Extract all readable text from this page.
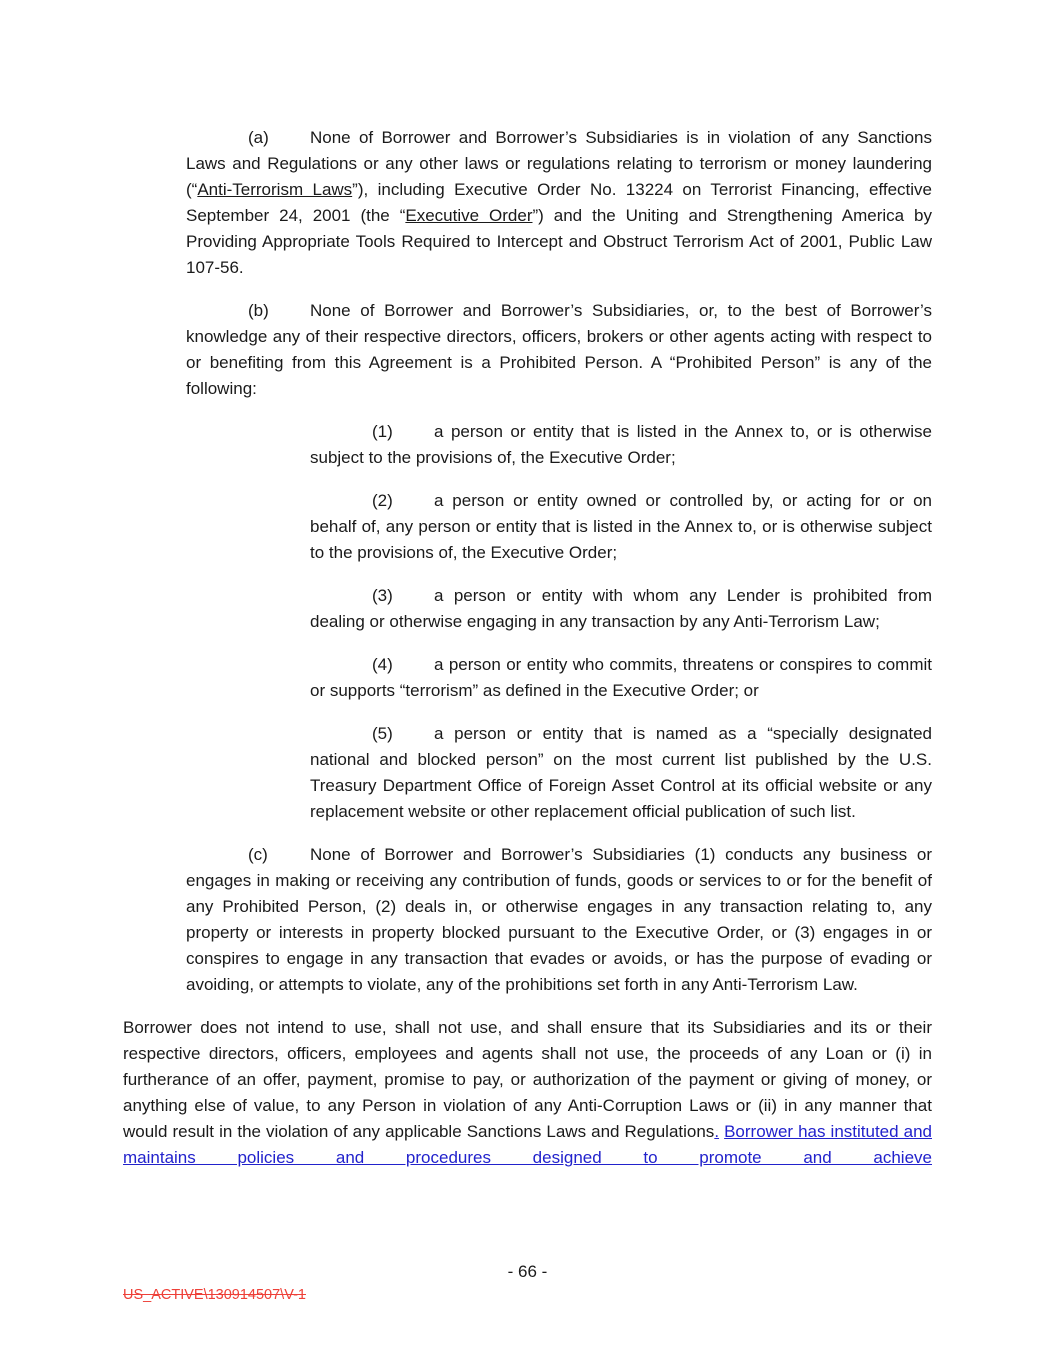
(a) None of Borrower and Borrower’s Subsidiaries is in violation of any Sanctions Laws and Regulations or any other laws or regulations relating to terrorism or money laundering (“Anti-Terrorism Laws”), including Executive Order No. 13224 on Terrorist Financing, effective September 24, 2001 (the “Executive Order”) and the Uniting and Strengthening America by Providing Appropriate Tools Required to Intercept and Obstruct Terrorism Act of 2001, Public Law 107-56.

(b) None of Borrower and Borrower’s Subsidiaries, or, to the best of Borrower’s knowledge any of their respective directors, officers, brokers or other agents acting with respect to or benefiting from this Agreement is a Prohibited Person. A “Prohibited Person” is any of the following:

(1) a person or entity that is listed in the Annex to, or is otherwise subject to the provisions of, the Executive Order;

(2) a person or entity owned or controlled by, or acting for or on behalf of, any person or entity that is listed in the Annex to, or is otherwise subject to the provisions of, the Executive Order;

(3) a person or entity with whom any Lender is prohibited from dealing or otherwise engaging in any transaction by any Anti-Terrorism Law;

(4) a person or entity who commits, threatens or conspires to commit or supports “terrorism” as defined in the Executive Order; or

(5) a person or entity that is named as a “specially designated national and blocked person” on the most current list published by the U.S. Treasury Department Office of Foreign Asset Control at its official website or any replacement website or other replacement official publication of such list.

(c) None of Borrower and Borrower’s Subsidiaries (1) conducts any business or engages in making or receiving any contribution of funds, goods or services to or for the benefit of any Prohibited Person, (2) deals in, or otherwise engages in any transaction relating to, any property or interests in property blocked pursuant to the Executive Order, or (3) engages in or conspires to engage in any transaction that evades or avoids, or has the purpose of evading or avoiding, or attempts to violate, any of the prohibitions set forth in any Anti-Terrorism Law.

Borrower does not intend to use, shall not use, and shall ensure that its Subsidiaries and its or their respective directors, officers, employees and agents shall not use, the proceeds of any Loan or (i) in furtherance of an offer, payment, promise to pay, or authorization of the payment or giving of money, or anything else of value, to any Person in violation of any Anti-Corruption Laws or (ii) in any manner that would result in the violation of any applicable Sanctions Laws and Regulations. Borrower has instituted and maintains policies and procedures designed to promote and achieve

- 66 -
US_ACTIVE\130914507\V-1
